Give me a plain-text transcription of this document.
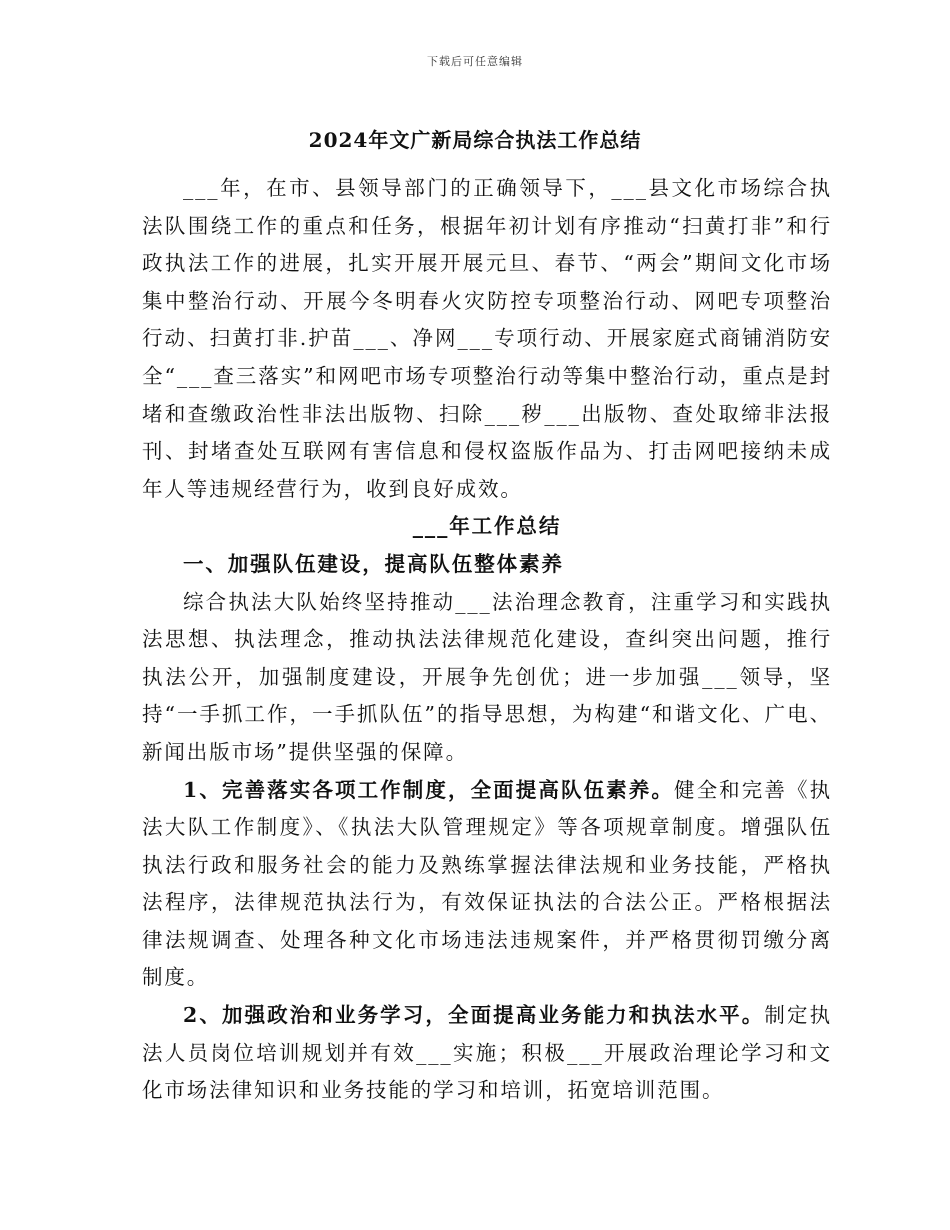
下载后可任意编辑
2024年文广新局综合执法工作总结

___年，在市、县领导部门的正确领导下，___县文化市场综合执法队围绕工作的重点和任务，根据年初计划有序推动“扫黄打非”和行政执法工作的进展，扎实开展开展元旦、春节、“两会”期间文化市场集中整治行动、开展今冬明春火灾防控专项整治行动、网吧专项整治行动、扫黄打非.护苗___、净网___专项行动、开展家庭式商铺消防安全“___查三落实”和网吧市场专项整治行动等集中整治行动，重点是封堵和查缴政治性非法出版物、扫除___秽___出版物、查处取缔非法报刊、封堵查处互联网有害信息和侵权盗版作品为、打击网吧接纳未成年人等违规经营行为，收到良好成效。

___年工作总结

一、加强队伍建设，提高队伍整体素养

综合执法大队始终坚持推动___法治理念教育，注重学习和实践执法思想、执法理念，推动执法法律规范化建设，查纠突出问题，推行执法公开，加强制度建设，开展争先创优；进一步加强___领导，坚持“一手抓工作，一手抓队伍”的指导思想，为构建“和谐文化、广电、新闻出版市场”提供坚强的保障。

1、完善落实各项工作制度，全面提高队伍素养。健全和完善《执法大队工作制度》、《执法大队管理规定》等各项规章制度。增强队伍执法行政和服务社会的能力及熟练掌握法律法规和业务技能，严格执法程序，法律规范执法行为，有效保证执法的合法公正。严格根据法律法规调查、处理各种文化市场违法违规案件，并严格贯彻罚缴分离制度。

2、加强政治和业务学习，全面提高业务能力和执法水平。制定执法人员岗位培训规划并有效___实施；积极___开展政治理论学习和文化市场法律知识和业务技能的学习和培训，拓宽培训范围。
